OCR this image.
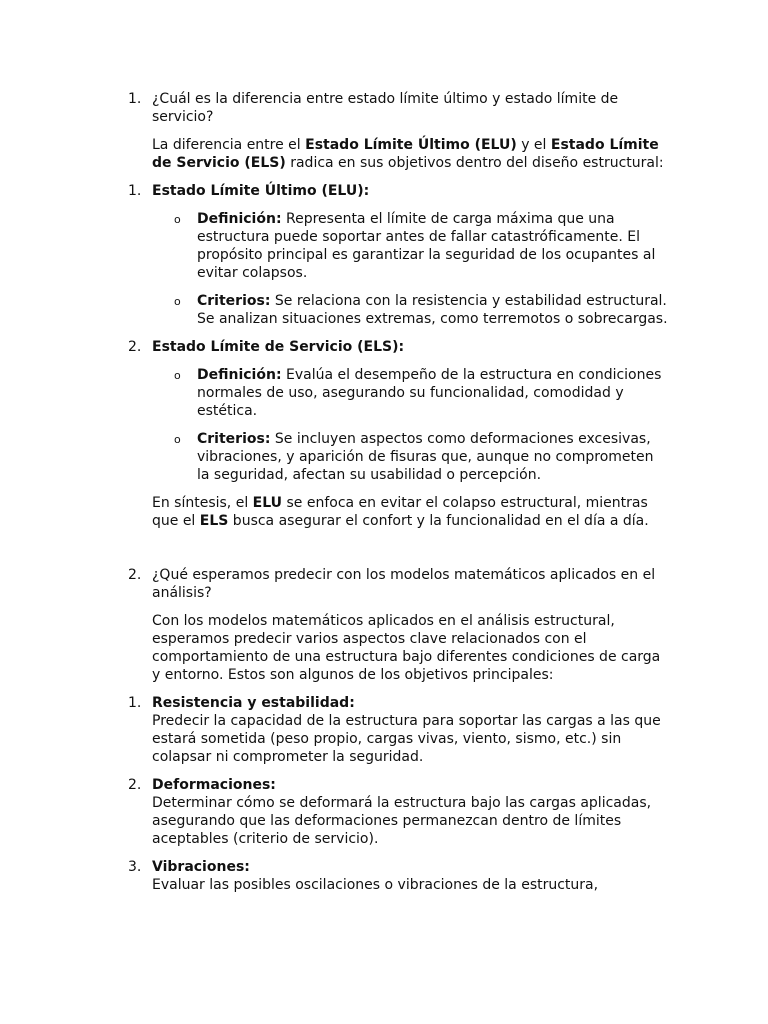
1. ¿Cuál es la diferencia entre estado límite último y estado límite de servicio?
La diferencia entre el Estado Límite Último (ELU) y el Estado Límite de Servicio (ELS) radica en sus objetivos dentro del diseño estructural:
1. Estado Límite Último (ELU):
o Definición: Representa el límite de carga máxima que una estructura puede soportar antes de fallar catastróficamente. El propósito principal es garantizar la seguridad de los ocupantes al evitar colapsos.
o Criterios: Se relaciona con la resistencia y estabilidad estructural. Se analizan situaciones extremas, como terremotos o sobrecargas.
2. Estado Límite de Servicio (ELS):
o Definición: Evalúa el desempeño de la estructura en condiciones normales de uso, asegurando su funcionalidad, comodidad y estética.
o Criterios: Se incluyen aspectos como deformaciones excesivas, vibraciones, y aparición de fisuras que, aunque no comprometen la seguridad, afectan su usabilidad o percepción.
En síntesis, el ELU se enfoca en evitar el colapso estructural, mientras que el ELS busca asegurar el confort y la funcionalidad en el día a día.
2. ¿Qué esperamos predecir con los modelos matemáticos aplicados en el análisis?
Con los modelos matemáticos aplicados en el análisis estructural, esperamos predecir varios aspectos clave relacionados con el comportamiento de una estructura bajo diferentes condiciones de carga y entorno. Estos son algunos de los objetivos principales:
1. Resistencia y estabilidad:
Predecir la capacidad de la estructura para soportar las cargas a las que estará sometida (peso propio, cargas vivas, viento, sismo, etc.) sin colapsar ni comprometer la seguridad.
2. Deformaciones:
Determinar cómo se deformará la estructura bajo las cargas aplicadas, asegurando que las deformaciones permanezcan dentro de límites aceptables (criterio de servicio).
3. Vibraciones:
Evaluar las posibles oscilaciones o vibraciones de la estructura,
